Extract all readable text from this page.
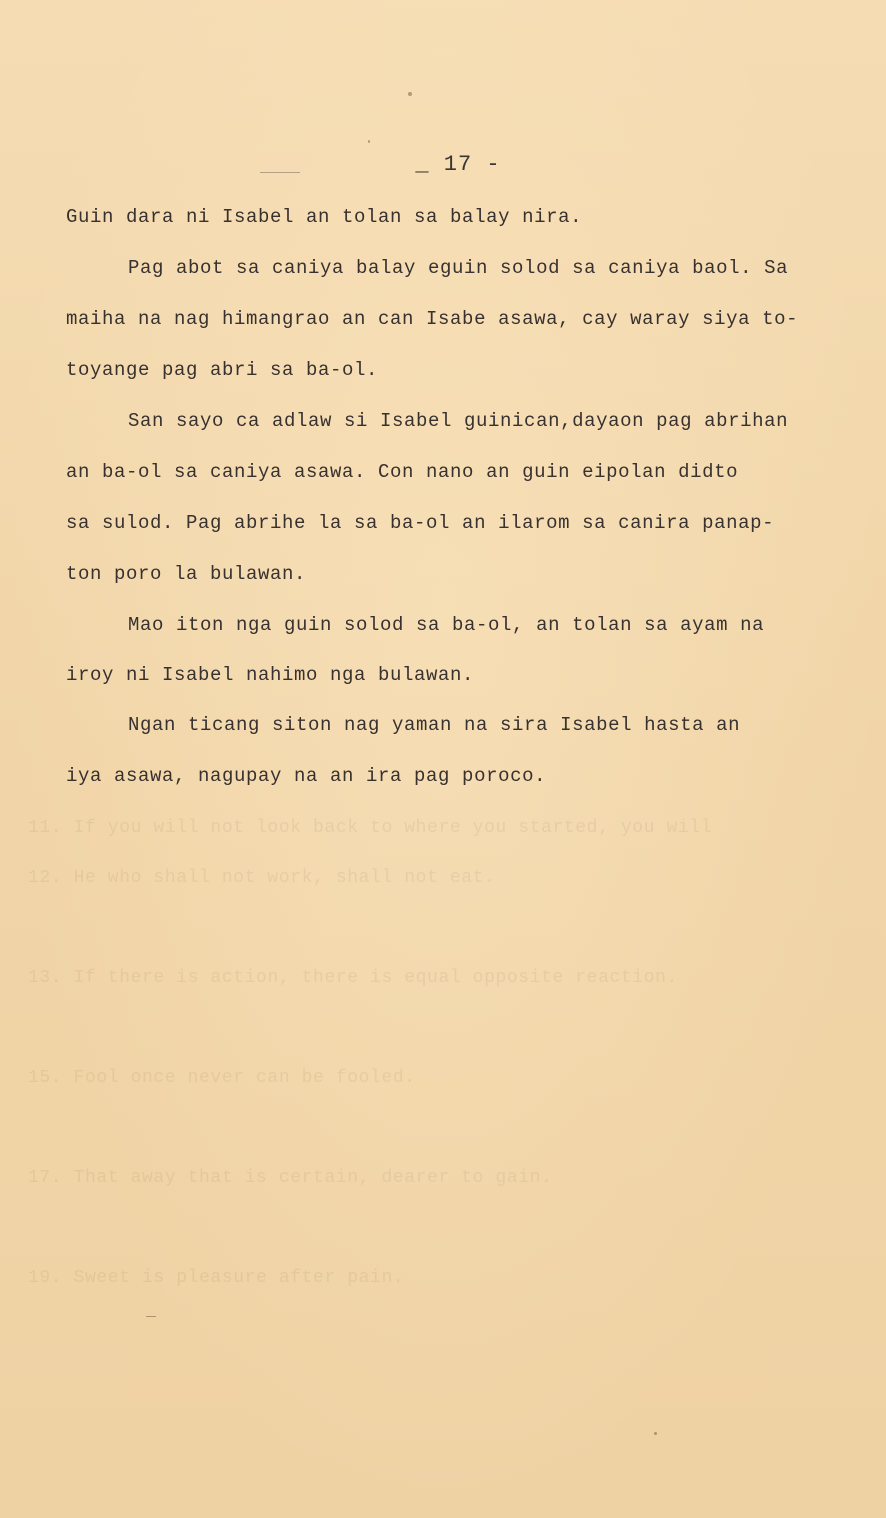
11. If you will not look back to where you started, you will
12. He who shall not work, shall not eat.
13. If there is action, there is equal opposite reaction.
15. Fool once never can be fooled.
17. That away that is certain, dearer to gain.
19. Sweet is pleasure after pain.
_ 17 -
Guin dara ni Isabel an tolan sa balay nira.
Pag abot sa caniya balay eguin solod sa caniya baol. Sa
maiha na nag himangrao an can Isabe asawa, cay waray siya to-
toyange pag abri sa ba-ol.
San sayo ca adlaw si Isabel guinican,dayaon pag abrihan
an ba-ol sa caniya asawa. Con nano an guin eipolan didto
sa sulod. Pag abrihe la sa ba-ol an ilarom sa canira panap-
ton poro la bulawan.
Mao iton nga guin solod sa ba-ol, an tolan sa ayam na
iroy ni Isabel nahimo nga bulawan.
Ngan ticang siton nag yaman na sira Isabel hasta an
iya asawa, nagupay na an ira pag poroco.
